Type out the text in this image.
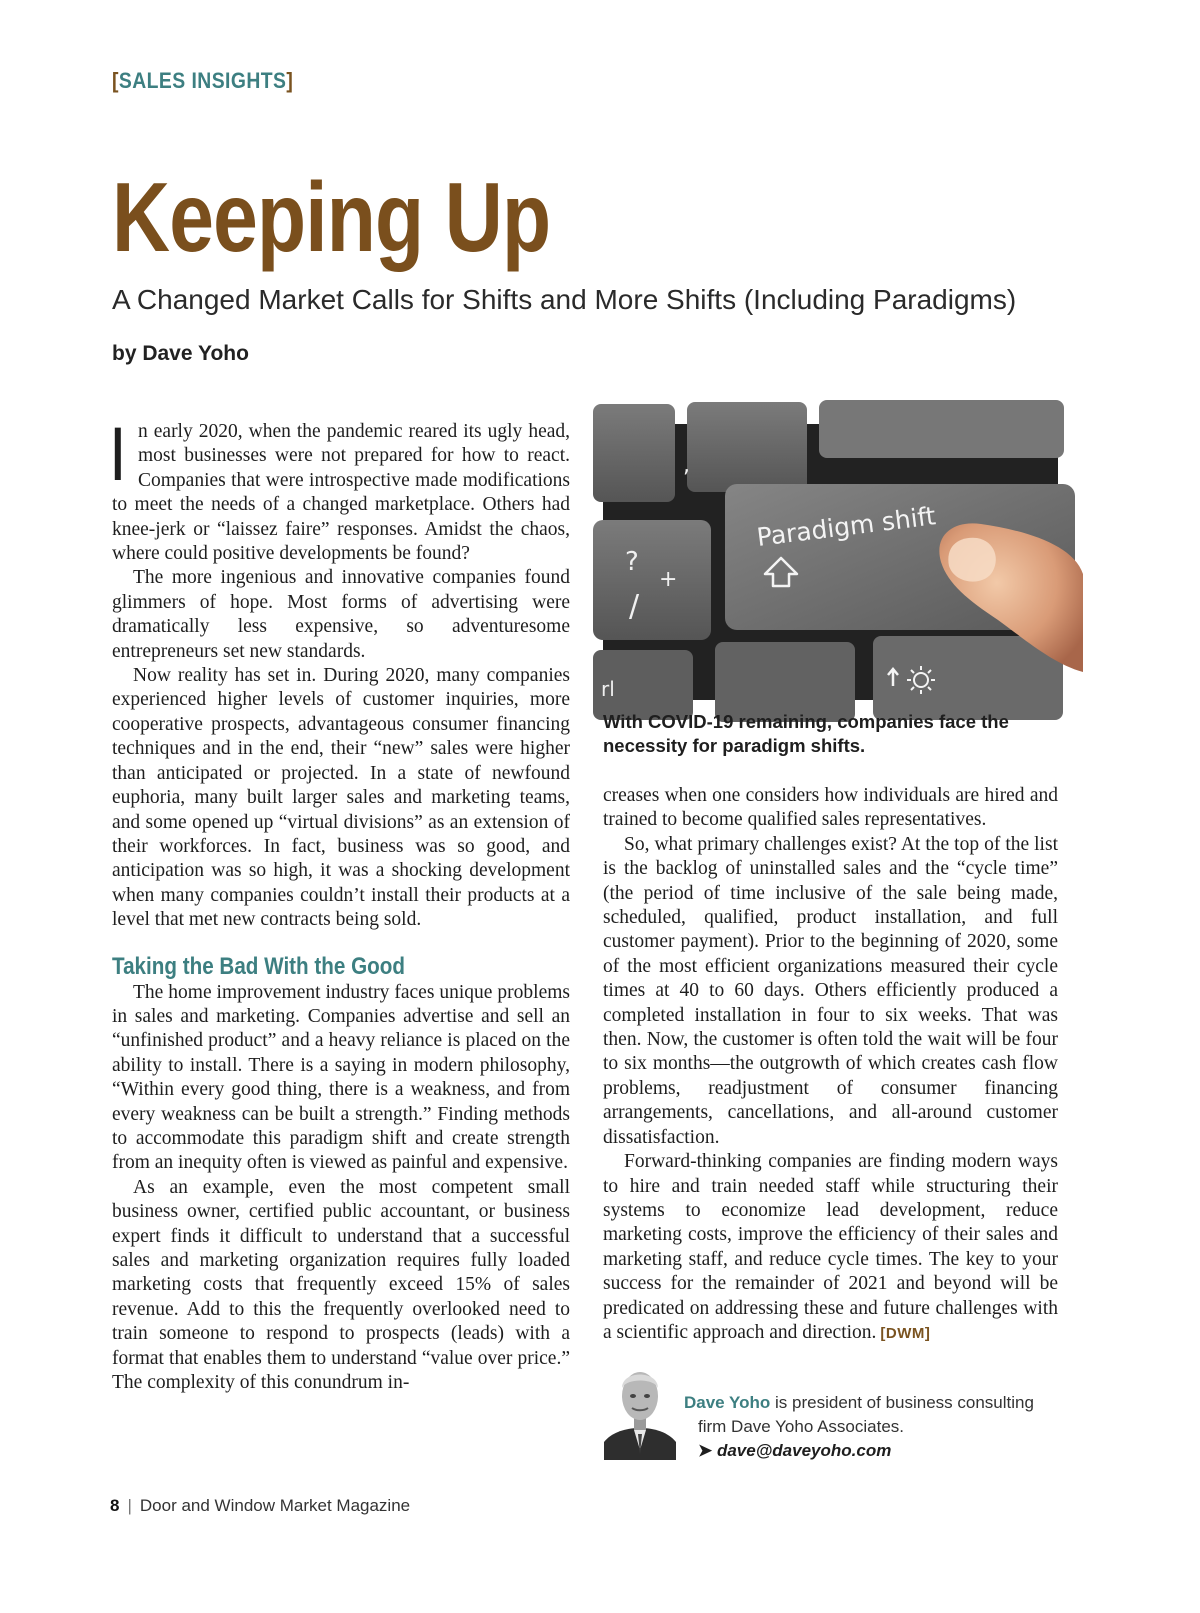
[SALES INSIGHTS]
Keeping Up
A Changed Market Calls for Shifts and More Shifts (Including Paradigms)
by Dave Yoho

In early 2020, when the pandemic reared its ugly head, most businesses were not prepared for how to react. Companies that were introspective made modifications to meet the needs of a changed marketplace. Others had knee-jerk or “laissez faire” responses. Amidst the chaos, where could positive developments be found?

The more ingenious and innovative companies found glimmers of hope. Most forms of advertising were dramatically less expensive, so adventuresome entrepreneurs set new standards.

Now reality has set in. During 2020, many companies experienced higher levels of customer inquiries, more cooperative prospects, advantageous consumer financing techniques and in the end, their “new” sales were higher than anticipated or projected. In a state of newfound euphoria, many built larger sales and marketing teams, and some opened up “virtual divisions” as an extension of their workforces. In fact, business was so good, and anticipation was so high, it was a shocking development when many companies couldn’t install their products at a level that met new contracts being sold.

Taking the Bad With the Good

The home improvement industry faces unique problems in sales and marketing. Companies advertise and sell an “unfinished product” and a heavy reliance is placed on the ability to install. There is a saying in modern philosophy, “Within every good thing, there is a weakness, and from every weakness can be built a strength.” Finding methods to accommodate this paradigm shift and create strength from an inequity often is viewed as painful and expensive.

As an example, even the most competent small business owner, certified public accountant, or business expert finds it difficult to understand that a successful sales and marketing organization requires fully loaded marketing costs that frequently exceed 15% of sales revenue. Add to this the frequently overlooked need to train someone to respond to prospects (leads) with a format that enables them to understand “value over price.” The complexity of this conundrum in-

?
+
/
,
rl
Paradigm shift
With COVID-19 remaining, companies face the necessity for paradigm shifts.

creases when one considers how individuals are hired and trained to become qualified sales representatives.

So, what primary challenges exist? At the top of the list is the backlog of uninstalled sales and the “cycle time” (the period of time inclusive of the sale being made, scheduled, qualified, product installation, and full customer payment). Prior to the beginning of 2020, some of the most efficient organizations measured their cycle times at 40 to 60 days. Others efficiently produced a completed installation in four to six weeks. That was then. Now, the customer is often told the wait will be four to six months—the outgrowth of which creates cash flow problems, readjustment of consumer financing arrangements, cancellations, and all-around customer dissatisfaction.

Forward-thinking companies are finding modern ways to hire and train needed staff while structuring their systems to economize lead development, reduce marketing costs, improve the efficiency of their sales and marketing staff, and reduce cycle times. The key to your success for the remainder of 2021 and beyond will be predicated on addressing these and future challenges with a scientific approach and direction. [DWM]

Dave Yoho is president of business consulting
firm Dave Yoho Associates.
➤ dave@daveyoho.com
8 | Door and Window Market Magazine
